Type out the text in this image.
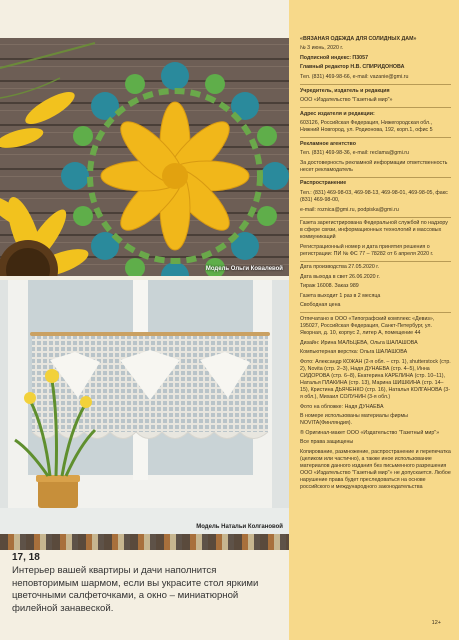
Модель Ольги Ковалевой
Модель Натальи Колгановой
17, 18
Интерьер вашей квартиры и дачи наполнится неповторимым шармом, если вы украсите стол яркими цветочными салфеточками, а окно – миниатюрной филейной занавеской.

«ВЯЗАНАЯ ОДЕЖДА ДЛЯ СОЛИДНЫХ ДАМ»

№ 3 июнь, 2020 г.

Подписной индекс: П3057

Главный редактор Н.В. СПИРИДОНОВА

Тел. (831) 469-98-66, e-mail: vazanie@gmi.ru

Учредитель, издатель и редакция

ООО «Издательство "Газетный мир"»

Адрес издателя и редакции:

603126, Российская Федерация, Нижегородская обл., Нижний Новгород, ул. Родионова, 192, корп.1, офис 5

Рекламное агентство

Тел. (831) 469-98-36, e-mail: reclama@gmi.ru

За достоверность рекламной информации ответственность несет рекламодатель

Распространение

Тел.: (831) 469-98-03, 469-98-13, 469-98-01, 469-98-05, факс (831) 469-98-00,

e-mail: roznica@gmi.ru, podpiska@gmi.ru

Газета зарегистрирована Федеральной службой по надзору в сфере связи, информационных технологий и массовых коммуникаций

Регистрационный номер и дата принятия решения о регистрации: ПИ № ФС 77 – 78282 от 6 апреля 2020 г.

Дата производства 27.05.2020 г.

Дата выхода в свет 26.06.2020 г.

Тираж 16008. Заказ 989

Газета выходит 1 раз в 2 месяца

Свободная цена

Отпечатано в ООО «Типографский комплекс «Девиз», 195027, Российская Федерация, Санкт-Петербург, ул. Якорная, д. 10, корпус 2, литер А, помещение 44

Дизайн: Ирина МАЛЬЦЕВА, Ольга ШАЛАШОВА

Компьютерная верстка: Ольга ШАЛАШОВА

Фото: Александр КОЖАН (2-я обл. – стр. 1), shutterstock (стр. 2), Novita (стр. 2–3), Надя ДУНАЕВА (стр. 4–5), Инна СИДОРОВА (стр. 6–8), Екатерина КАРЕЛИНА (стр. 10–11), Наталья ПЛАКИНА (стр. 13), Марина ШИШКИНА (стр. 14–15), Кристина ДЬЯЧЕНКО (стр. 16), Наталья КОЛГАНОВА (3-я обл.), Михаил СОЛУНИН (3-я обл.)

Фото на обложке: Надя ДУНАЕВА

В номере использованы материалы фирмы NOVITA(Финляндия).

® Оригинал-макет ООО «Издательство "Газетный мир"»

Все права защищены

Копирование, размножение, распространение и перепечатка (целиком или частично), а также иное использование материалов данного издания без письменного разрешения ООО «Издательство "Газетный мир"» не допускается. Любое нарушение права будет преследоваться на основе российского и международного законодательства

12+
